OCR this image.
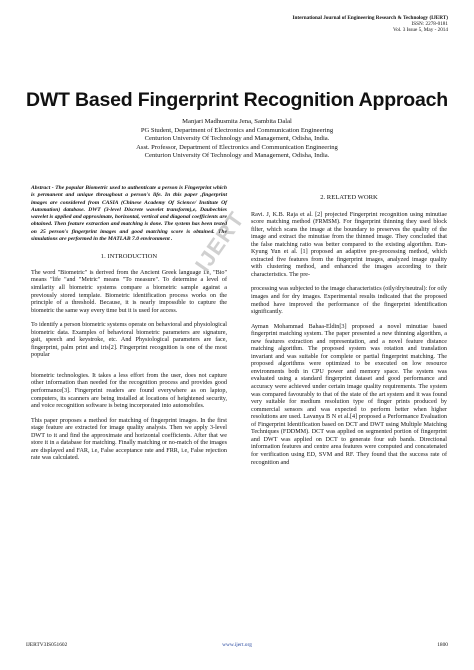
International Journal of Engineering Research & Technology (IJERT)
ISSN: 2278-0181
Vol. 3 Issue 5, May - 2014
DWT Based Fingerprint Recognition Approach
Manjari Madhusmita Jena, Sambita Dalal
PG Student, Department of Electronics and Communication Engineering
Centurion University Of Technology and Management, Odisha, India.
Asst. Professor, Department of Electronics and Communication Engineering
Centurion University Of Technology and Management, Odisha, India.

Abstract - The popular Biometric used to authenticate a person is Fingerprint which is permanent and unique throughout a person's life. In this paper ,fingerprint images are considered from CASIA (Chinese Academy Of Science/ Institute Of Automation) database. DWT (3-level Discrete wavelet transform),e, Daubechies wavelet is applied and approximate, horizontal, vertical and diagonal coefficients are obtained. Then feature extraction and matching is done. The system has been tested on 25 person's fingerprint images and good matching score is obtained. The simulations are performed in the MATLAB 7.0 environment .

1. INTRODUCTION

The word "Biometric" is derived from the Ancient Greek language i.e, "Bio" means "life "and "Metric" means "To measure". To determine a level of similarity all biometric systems compare a biometric sample against a previously stored template. Biometric identification process works on the principle of a threshold. Because, it is nearly impossible to capture the biometric the same way every time but it is used for access.

To identify a person biometric systems operate on behavioral and physiological biometric data. Examples of behavioral biometric parameters are signature, gait, speech and keystroke, etc. And Physiological parameters are face, fingerprint, palm print and iris[2]. Fingerprint recognition is one of the most popular

biometric technologies. It takes a less effort from the user, does not capture other information than needed for the recognition process and provides good performance[3]. Fingerprint readers are found everywhere as on laptop, computers, its scanners are being installed at locations of heightened security, and voice recognition software is being incorporated into automobiles.

This paper proposes a method for matching of fingerprint images. In the first stage feature are extracted for image quality analysis. Then we apply 3-level DWT to it and find the approximate and horizontal coefficients. After that we store it in a database for matching. Finally matching or no-match of the images are displayed and FAR, i.e, False acceptance rate and FRR, i.e, False rejection rate was calculated.

2. RELATED WORK

Ravi. J, K.B. Raja et al. [2] projected Fingerprint recognition using minutiae score matching method (FRMSM). For fingerprint thinning they used block filter, which scans the image at the boundary to preserves the quality of the image and extract the minutiae from the thinned image. They concluded that the false matching ratio was better compared to the existing algorithm. Eun-Kyung Yun et al. [1] proposed an adaptive pre-processing method, which extracted five features from the fingerprint images, analyzed image quality with clustering method, and enhanced the images according to their characteristics. The pre-

processing was subjected to the image characteristics (oily/dry/neutral): for oily images and for dry images. Experimental results indicated that the proposed method have improved the performance of the fingerprint identification significantly.

Ayman Mohammad Bahaa-Eldin[3] proposed a novel minutiae based fingerprint matching system. The paper presented a new thinning algorithm, a new features extraction and representation, and a novel feature distance matching algorithm. The proposed system was rotation and translation invariant and was suitable for complete or partial fingerprint matching. The proposed algorithms were optimized to be executed on low resource environments both in CPU power and memory space. The system was evaluated using a standard fingerprint dataset and good performance and accuracy were achieved under certain image quality requirements. The system was compared favourably to that of the state of the art system and it was found very suitable for medium resolution type of finger prints produced by commercial sensors and was expected to perform better when higher resolutions are used. Lavanya B N et al.[4] proposed a Performance Evaluation of Fingerprint Identification based on DCT and DWT using Multiple Matching Techniques (FDDMM). DCT was applied on segmented portion of fingerprint and DWT was applied on DCT to generate four sub bands. Directional information features and centre area features were computed and concatenated for verification using ED, SVM and RF. They found that the success rate of recognition and

IJERT
IJERTV3IS051602	www.ijert.org	1800
